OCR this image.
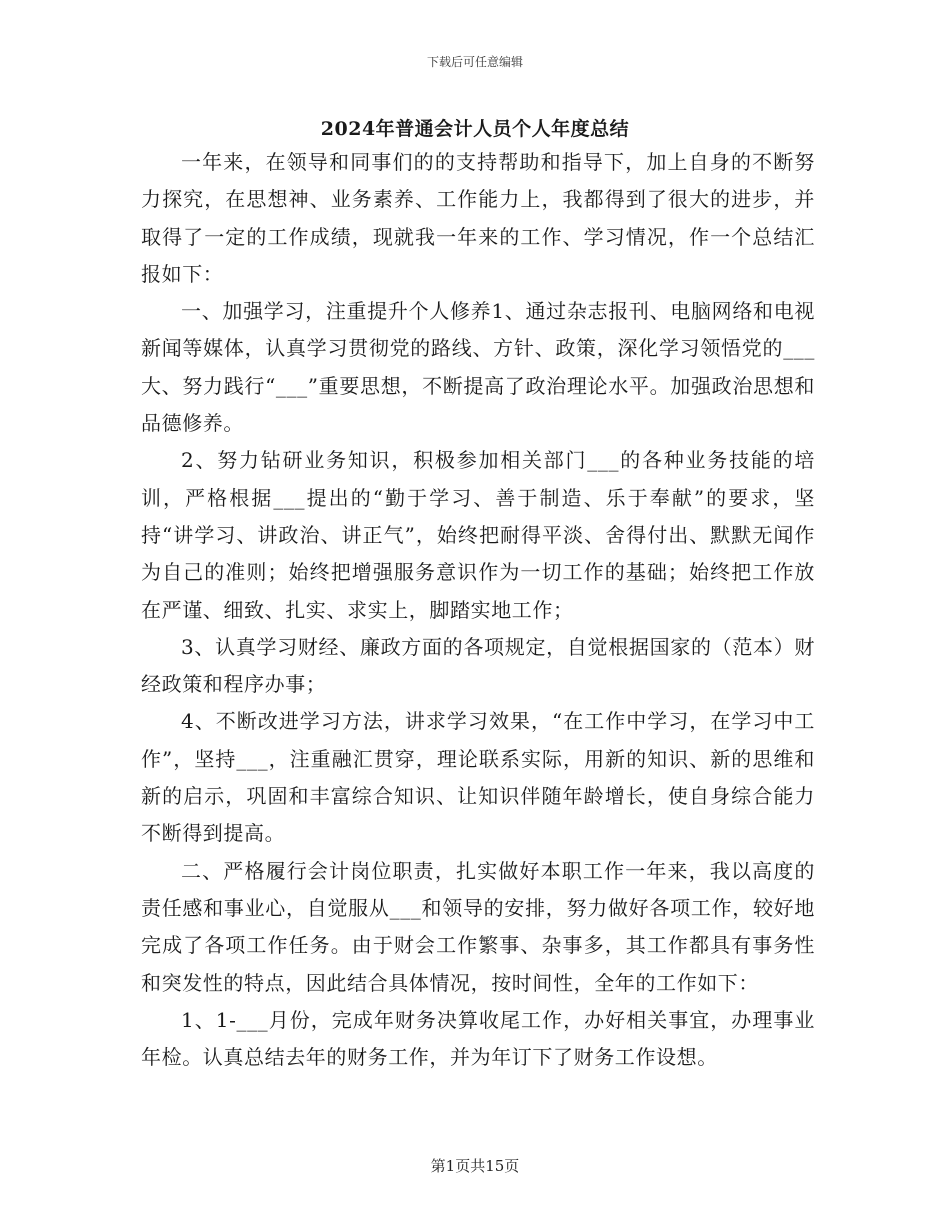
下载后可任意编辑
2024年普通会计人员个人年度总结

一年来，在领导和同事们的的支持帮助和指导下，加上自身的不断努力探究，在思想神、业务素养、工作能力上，我都得到了很大的进步，并取得了一定的工作成绩，现就我一年来的工作、学习情况，作一个总结汇报如下：

一、加强学习，注重提升个人修养1、通过杂志报刊、电脑网络和电视新闻等媒体，认真学习贯彻党的路线、方针、政策，深化学习领悟党的___大、努力践行“___”重要思想，不断提高了政治理论水平。加强政治思想和品德修养。

2、努力钻研业务知识，积极参加相关部门___的各种业务技能的培训，严格根据___提出的“勤于学习、善于制造、乐于奉献”的要求，坚持“讲学习、讲政治、讲正气”，始终把耐得平淡、舍得付出、默默无闻作为自己的准则；始终把增强服务意识作为一切工作的基础；始终把工作放在严谨、细致、扎实、求实上，脚踏实地工作；

3、认真学习财经、廉政方面的各项规定，自觉根据国家的（范本）财经政策和程序办事；

4、不断改进学习方法，讲求学习效果，“在工作中学习，在学习中工作”，坚持___，注重融汇贯穿，理论联系实际，用新的知识、新的思维和新的启示，巩固和丰富综合知识、让知识伴随年龄增长，使自身综合能力不断得到提高。

二、严格履行会计岗位职责，扎实做好本职工作一年来，我以高度的责任感和事业心，自觉服从___和领导的安排，努力做好各项工作，较好地完成了各项工作任务。由于财会工作繁事、杂事多，其工作都具有事务性和突发性的特点，因此结合具体情况，按时间性，全年的工作如下：

1、1-___月份，完成年财务决算收尾工作，办好相关事宜，办理事业年检。认真总结去年的财务工作，并为年订下了财务工作设想。

第1页共15页
